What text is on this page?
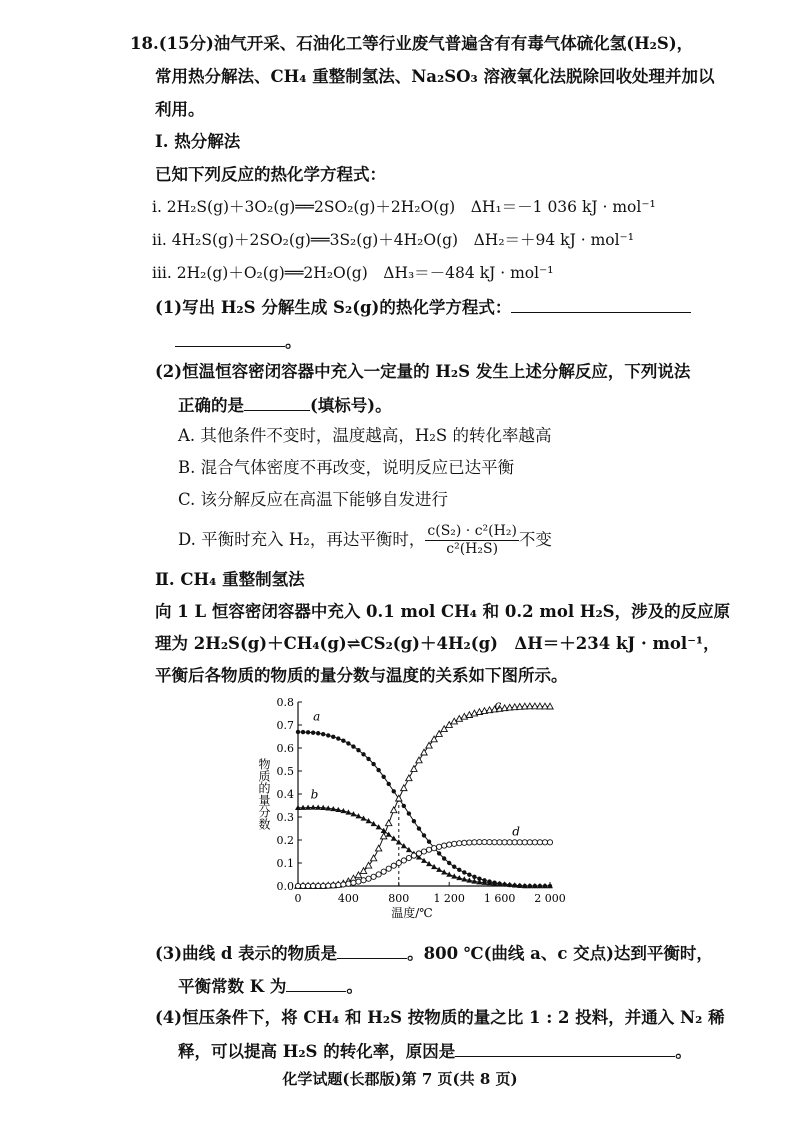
18.(15分)油气开采、石油化工等行业废气普遍含有有毒气体硫化氢(H₂S)，
常用热分解法、CH₄ 重整制氢法、Na₂SO₃ 溶液氧化法脱除回收处理并加以
利用。
Ⅰ. 热分解法
已知下列反应的热化学方程式：
ⅰ. 2H₂S(g)＋3O₂(g)══2SO₂(g)＋2H₂O(g)　ΔH₁＝－1 036 kJ · mol⁻¹
ⅱ. 4H₂S(g)＋2SO₂(g)══3S₂(g)＋4H₂O(g)　ΔH₂＝＋94 kJ · mol⁻¹
ⅲ. 2H₂(g)＋O₂(g)══2H₂O(g)　ΔH₃＝－484 kJ · mol⁻¹
(1)写出 H₂S 分解生成 S₂(g)的热化学方程式：
。
(2)恒温恒容密闭容器中充入一定量的 H₂S 发生上述分解反应，下列说法
正确的是	(填标号)。
A. 其他条件不变时，温度越高，H₂S 的转化率越高
B. 混合气体密度不再改变，说明反应已达平衡
C. 该分解反应在高温下能够自发进行
D. 平衡时充入 H₂，再达平衡时， $\frac{\text{c(S₂) · c²(H₂)}}{\text{c²(H₂S)}}$ 不变
Ⅱ. CH₄ 重整制氢法
向 1 L 恒容密闭容器中充入 0.1 mol CH₄ 和 0.2 mol H₂S，涉及的反应原
理为 2H₂S(g)＋CH₄(g)⇌CS₂(g)＋4H₂(g)　ΔH＝＋234 kJ · mol⁻¹，
平衡后各物质的物质的量分数与温度的关系如下图所示。
0.0
0.1
0.2
0.3
0.4
0.5
0.6
0.7
0.8
0	400	800 1 200 1 600 2 000
温度/℃
物质的量分数
a
b
c
d
(3)曲线 d 表示的物质是	。800 ℃(曲线 a、c 交点)达到平衡时，
平衡常数 K 为	。
(4)恒压条件下，将 CH₄ 和 H₂S 按物质的量之比 1 : 2 投料，并通入 N₂ 稀
释，可以提高 H₂S 的转化率，原因是	。
化学试题(长郡版)第 7 页(共 8 页)
